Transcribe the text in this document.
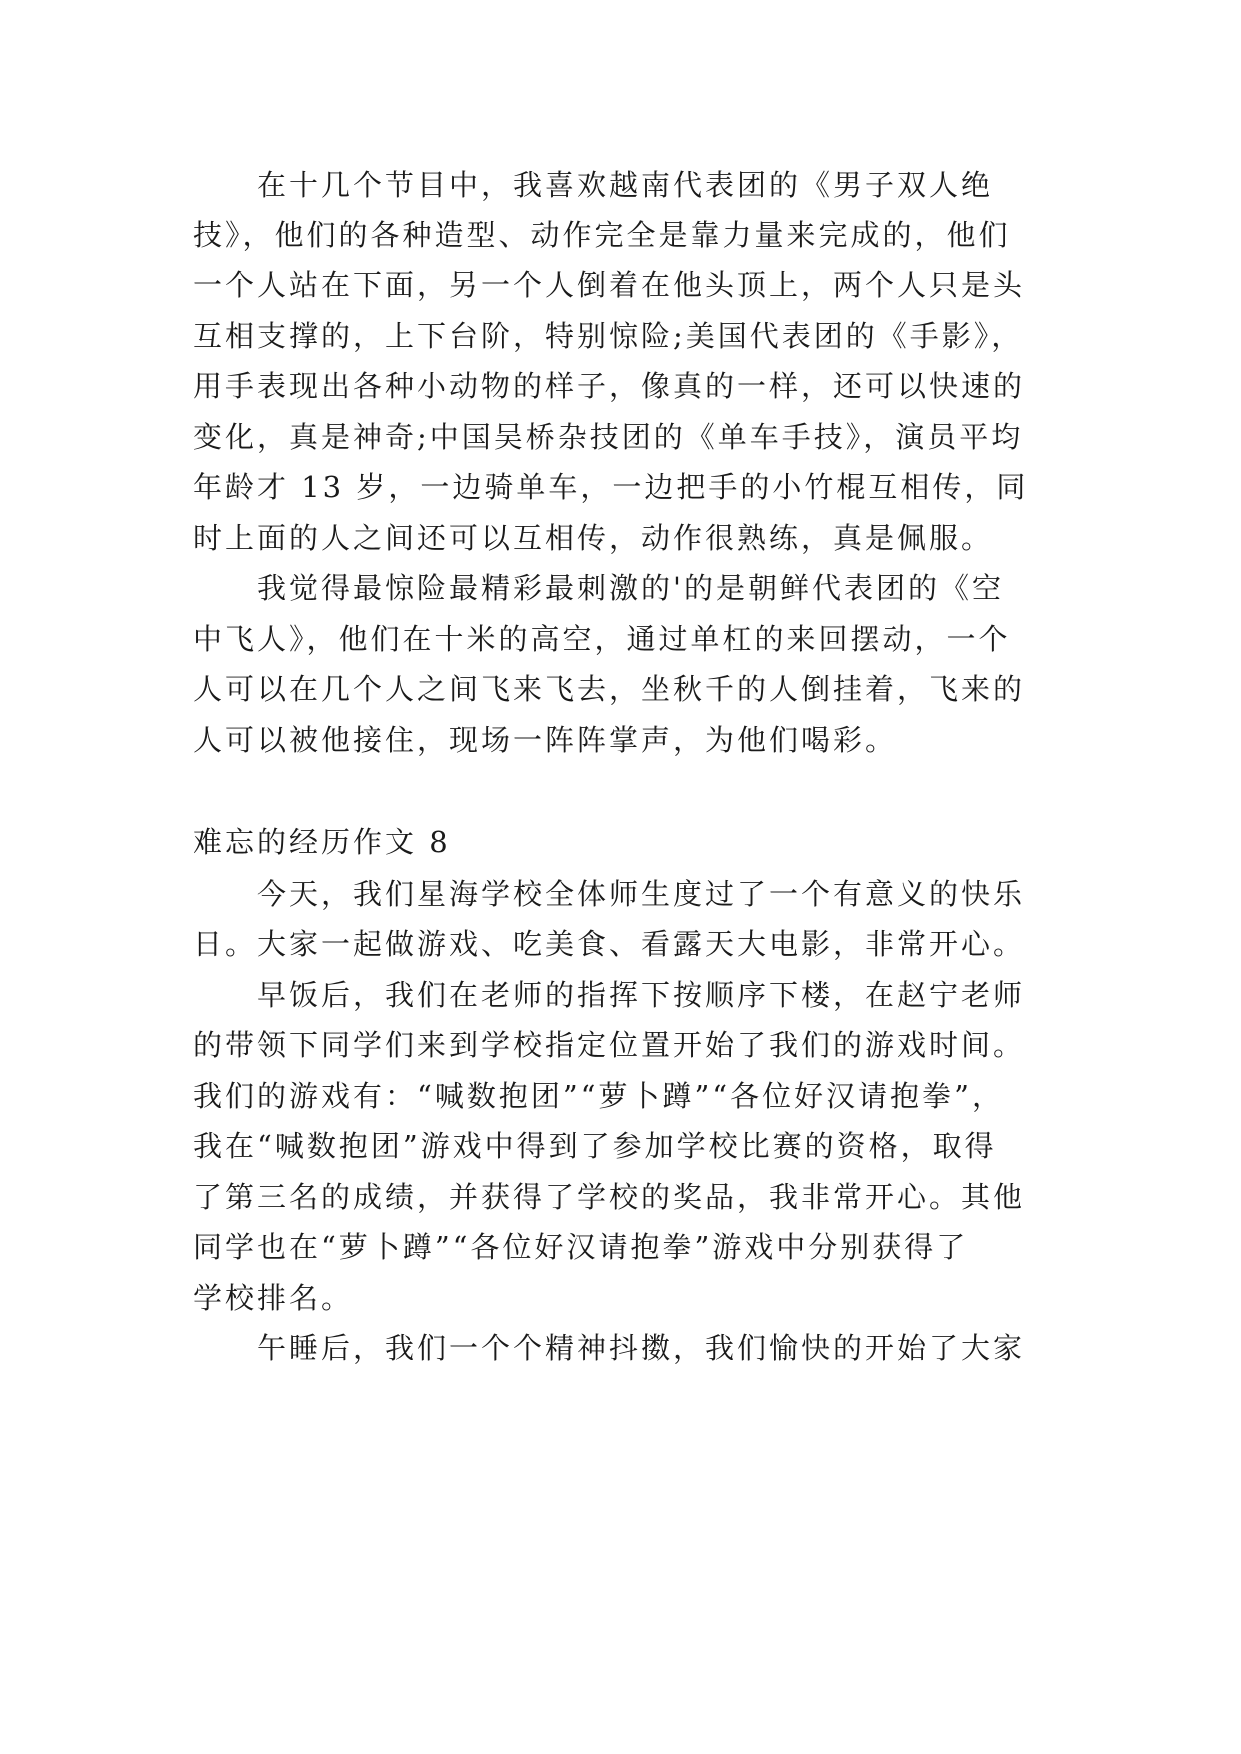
在十几个节目中，我喜欢越南代表团的《男子双人绝
技》，他们的各种造型、动作完全是靠力量来完成的，他们
一个人站在下面，另一个人倒着在他头顶上，两个人只是头
互相支撑的，上下台阶，特别惊险;美国代表团的《手影》，
用手表现出各种小动物的样子，像真的一样，还可以快速的
变化，真是神奇;中国吴桥杂技团的《单车手技》，演员平均
年龄才 13 岁，一边骑单车，一边把手的小竹棍互相传，同
时上面的人之间还可以互相传，动作很熟练，真是佩服。
我觉得最惊险最精彩最刺激的'的是朝鲜代表团的《空
中飞人》，他们在十米的高空，通过单杠的来回摆动，一个
人可以在几个人之间飞来飞去，坐秋千的人倒挂着，飞来的
人可以被他接住，现场一阵阵掌声，为他们喝彩。
难忘的经历作文 8
今天，我们星海学校全体师生度过了一个有意义的快乐
日。大家一起做游戏、吃美食、看露天大电影，非常开心。
早饭后，我们在老师的指挥下按顺序下楼，在赵宁老师
的带领下同学们来到学校指定位置开始了我们的游戏时间。
我们的游戏有：“喊数抱团”“萝卜蹲”“各位好汉请抱拳”，
我在“喊数抱团”游戏中得到了参加学校比赛的资格，取得
了第三名的成绩，并获得了学校的奖品，我非常开心。其他
同学也在“萝卜蹲”“各位好汉请抱拳”游戏中分别获得了
学校排名。
午睡后，我们一个个精神抖擞，我们愉快的开始了大家
